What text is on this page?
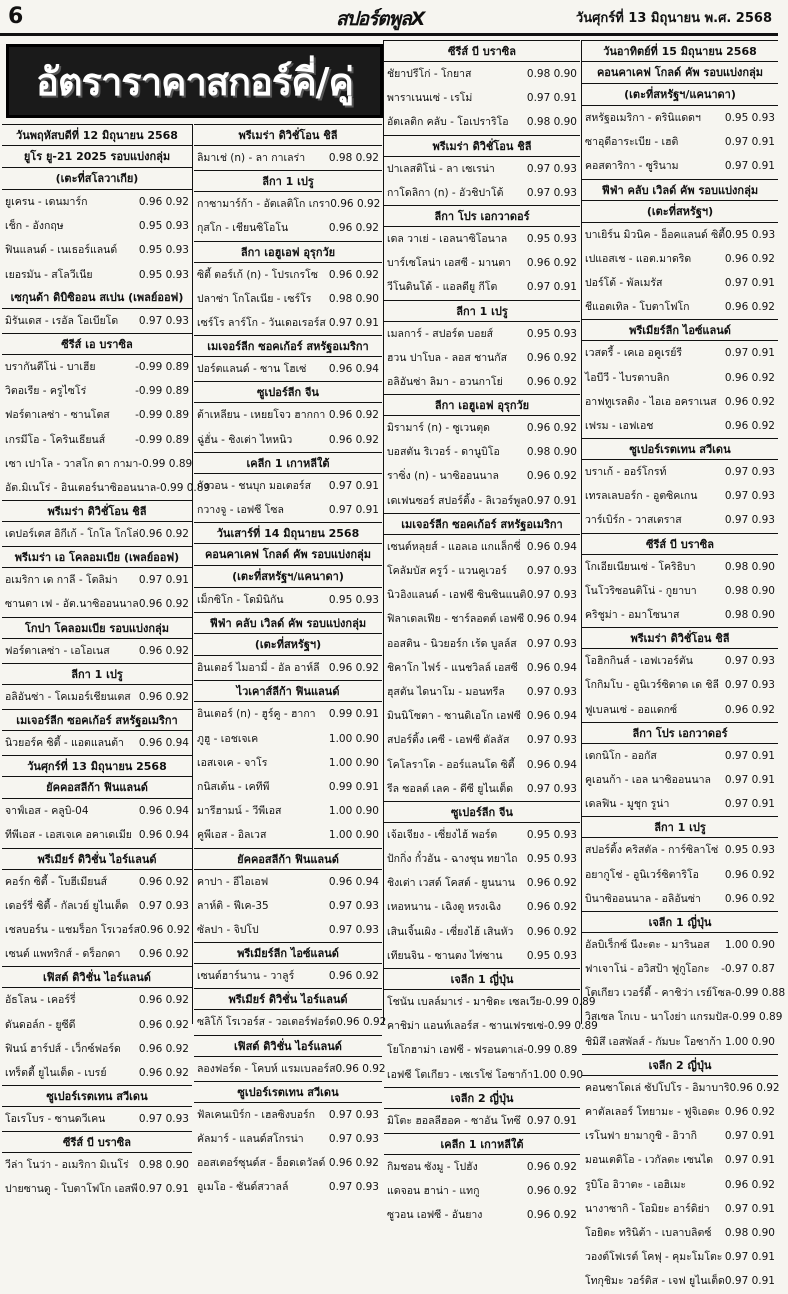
6	สปอร์ตพูลX	วันศุกร์ที่ 13 มิถุนายน พ.ศ. 2568
อัตราราคาสกอร์คี่/คู่
วันพฤหัสบดีที่ 12 มิถุนายน 2568
ยูโร ยู-21 2025 รอบแบ่งกลุ่ม
(เตะที่สโลวาเกีย)
ยูเครน - เดนมาร์ก	0.96 0.92
เช็ก - อังกฤษ	0.95 0.93
ฟินแลนด์ - เนเธอร์แลนด์	0.95 0.93
เยอรมัน - สโลวีเนีย	0.95 0.93
เซกุนด้า ดิบิซิออน สเปน (เพลย์ออฟ)
มิรันเดส - เรอัล โอเบียโด	0.97 0.93
ซีรีส์ เอ บราซิล
บรากันตีโน่ - บาเฮีย	-0.99 0.89
วิตอเรีย - ครูไซโร่	-0.99 0.89
ฟอร์ตาเลซ่า - ซานโตส	-0.99 0.89
เกรมีโอ - โครินเธียนส์	-0.99 0.89
เซา เปาโล - วาสโก ดา กามา -0.99 0.89
อัต.มิเนโร่ - อินเตอร์นาซิออนนาล -0.99 0.89
พรีเมร่า ดิวิชั่โอน ชิลี
เดปอร์เตส อิกีเก้ - โกโล โกโล่ 0.96 0.92
พรีเมร่า เอ โคลอมเบีย (เพลย์ออฟ)
อเมริกา เด กาลี - โตลิม่า	0.97 0.91
ซานตา เฟ - อัต.นาซิออนนาล 0.96 0.92
โกปา โคลอมเบีย รอบแบ่งกลุ่ม
ฟอร์ตาเลซ่า - เอโอเนส	0.96 0.92
ลีกา 1 เปรู
อลิอันซ่า - โคเมอร์เชียนเตส 0.96 0.92
เมเจอร์ลีก ซอคเก้อร์ สหรัฐอเมริกา
นิวยอร์ค ซิตี้ - แอตแลนต้า	0.96 0.94
วันศุกร์ที่ 13 มิถุนายน 2568
ยัคคอสลีก้า ฟินแลนด์
จาฟ์เอส - คลูบิ-04	0.96 0.94
ทีพีเอส - เอสเจเค อคาเดเมีย 0.96 0.94
พรีเมียร์ ดิวิชั่น ไอร์แลนด์
คอร์ก ซิตี้ - โบฮีเมียนส์	0.96 0.92
เดอร์รี่ ซิตี้ - กัลเวย์ ยูไนเต็ด	0.97 0.93
เชลบอร์น - แชมร็อก โรเวอร์ส 0.96 0.92
เซนต์ แพทริกส์ - ดร็อกดา	0.96 0.92
เฟิสต์ ดิวิชั่น ไอร์แลนด์
อัธโลน - เคอร์รี่	0.96 0.92
ดันดอล์ก - ยูซีดี	0.96 0.92
ฟินน์ ฮาร์ปส์ - เว็กซ์ฟอร์ด	0.96 0.92
เทร็ตตี้ ยูไนเต็ด - เบรย์	0.96 0.92
ซูเปอร์เรตเทน สวีเดน
โอเรโบร - ซานดวีเคน	0.97 0.93
ซีรีส์ บี บราซิล
วีล่า โนว่า - อเมริกา มิเนโร่ 0.98 0.90
ปายซานดู - โบตาโฟโก เอสพี 0.97 0.91
พรีเมร่า ดิวิชั่โอน ชิลี
ลิมาเช่ (n) - ลา กาเลร่า	0.98 0.92
ลีกา 1 เปรู
กาซามาร์ก้า - อัตเลติโก เกรา 0.96 0.92
กุสโก - เชียนซิโอโน	0.96 0.92
ลีกา เอฮูเอฟ อุรุกวัย
ซิตี้ ตอร์เก้ (n) - โปรเกรโซ	0.96 0.92
ปลาซ่า โกโลเนีย - เซร์โร	0.98 0.90
เซร์โร ลาร์โก - วันเดอเรอร์ส 0.97 0.91
เมเจอร์ลีก ซอคเก้อร์ สหรัฐอเมริกา
ปอร์ตแลนด์ - ซาน โฮเซ่	0.96 0.94
ซูเปอร์ลีก จีน
ต้าเหลียน - เหยยโจว ฮากกา 0.96 0.92
ฉู่ฮั่น - ชิงเต่า ไหหนิว	0.96 0.92
เคลีก 1 เกาหลีใต้
กังวอน - ชนบุก มอเตอร์ส	0.97 0.91
กวางจู - เอฟซี โซล	0.97 0.91
วันเสาร์ที่ 14 มิถุนายน 2568
คอนคาเคฟ โกลด์ คัพ รอบแบ่งกลุ่ม
(เตะที่สหรัฐฯ/แคนาดา)
เม็กซิโก - โดมินิกัน	0.95 0.93
ฟีฟ่า คลับ เวิลด์ คัพ รอบแบ่งกลุ่ม
(เตะที่สหรัฐฯ)
อินเตอร์ ไมอามี่ - อัล อาห์ลี 0.96 0.92
ไวเคาส์ลีก้า ฟินแลนด์
อินเตอร์ (n) - ฮูร์คู - ฮากา	0.99 0.91
ภูฮู - เอชเจเค	1.00 0.90
เอสเจเค - จาโร	1.00 0.90
กนิสเต้น - เคทีพี	0.99 0.91
มารีฮามน์ - วีพีเอส	1.00 0.90
คูพีเอส - อิลเวส	1.00 0.90
ยัคคอสลีก้า ฟินแลนด์
คาปา - อีไอเอฟ	0.96 0.94
ลาห์ติ - ฟีเค-35	0.97 0.93
ซัลปา - จิปโป	0.97 0.93
พรีเมียร์ลีก ไอซ์แลนด์
เซนต์ฮาร์นาน - วาลูร์	0.96 0.92
พรีเมียร์ ดิวิชั่น ไอร์แลนด์
ซลิโก้ โรเวอร์ส - วอเตอร์ฟอร์ด 0.96 0.92
เฟิสต์ ดิวิชั่น ไอร์แลนด์
ลองฟอร์ด - โคบห์ แรมเบลอร์ส 0.96 0.92
ซูเปอร์เรตเทน สวีเดน
ฟัลเคนเบิร์ก - เฮลซิงบอร์ก	0.97 0.93
คัลมาร์ - แลนด์สโกรน่า	0.97 0.93
ออสเตอร์ซุนด์ส - อ็อดเดวัลด์ 0.96 0.92
อูเมโอ - ซันด์สวาลล์	0.97 0.93
ซีรีส์ บี บราซิล
ชัยาปรีโก่ - โกยาส	0.98 0.90
พาราเนนเซ่ - เรโม่	0.97 0.91
อัตเลติก คลับ - โอเปราริโอ	0.98 0.90
พรีเมร่า ดิวิชั่โอน ชิลี
ปาเลสติโน่ - ลา เซเรน่า	0.97 0.93
กาโดลิกา (n) - อัวชิปาโต้	0.97 0.93
ลีกา โปร เอกวาดอร์
เดล วาเย่ - เอลนาซิโอนาล	0.95 0.93
บาร์เซโลน่า เอสซี - มานตา	0.96 0.92
วีโนดินโด้ - แอลดียู กีโต	0.97 0.91
ลีกา 1 เปรู
เมลการ์ - สปอร์ต บอยส์	0.95 0.93
ฮวน ปาโบล - ลอส ชานกัส	0.96 0.92
อลิอันซ่า ลิมา - อวนกาโย่	0.96 0.92
ลีกา เอฮูเอฟ อุรุกวัย
มิรามาร์ (n) - ซูเวนตุด	0.96 0.92
บอสตัน ริเวอร์ - ดานูบิโอ	0.98 0.90
ราซิ่ง (n) - นาซิออนนาล	0.96 0.92
เดเฟนซอร์ สปอร์ติ้ง - ลิเวอร์พูล 0.97 0.91
เมเจอร์ลีก ซอคเก้อร์ สหรัฐอเมริกา
เซนต์หลุยส์ - แอลเอ แกแล็กซี่ 0.96 0.94
โคลัมบัส ครูว์ - แวนคูเวอร์	0.97 0.93
นิวอิงแลนด์ - เอฟซี ซินซินแนติ 0.97 0.93
ฟิลาเดลเฟีย - ชาร์ลอตต์ เอฟซี 0.96 0.94
ออสติน - นิวยอร์ก เร้ด บูลล์ส 0.97 0.93
ชิคาโก ไฟร์ - แนชวิลล์ เอสซี 0.96 0.94
ฮุสตัน ไดนาโม - มอนทรีล	0.97 0.93
มินนิโซตา - ซานดิเอโก เอฟซี 0.96 0.94
สปอร์ติ้ง เคซี - เอฟซี ดัลลัส	0.97 0.93
โคโลราโด - ออร์แลนโด ซิตี้	0.96 0.94
รีล ซอลต์ เลค - ดีซี ยูไนเต็ด	0.97 0.93
ซูเปอร์ลีก จีน
เจ้อเจียง - เซี่ยงไฮ้ พอร์ต	0.95 0.93
ปักกิ่ง กั๋วอัน - ฉางชุน ทยาไถ 0.95 0.93
ชิงเต่า เวสต์ โคสต์ - ยูนนาน	0.96 0.92
เหอหนาน - เฉิงตู หรงเฉิง	0.96 0.92
เสินเจิ้นเผิง - เซี่ยงไฮ้ เสินหัว	0.96 0.92
เทียนจิน - ซานตง ไท่ซาน	0.95 0.93
เจลีก 1 ญี่ปุ่น
โชนัน เบลล์มาเร่ - มาชิดะ เซลเวีย -0.99 0.89
คาชิม่า แอนท์เลอร์ส - ซานเฟรชเซ่ -0.99 0.89
โยโกฮาม่า เอฟซี - ฟรอนตาเล่ -0.99 0.89
เอฟซี โตเกียว - เซเรโซ่ โอซาก้า 1.00 0.90
เจลีก 2 ญี่ปุ่น
มิโตะ ฮอลลีฮอค - ซาอัน โทซึ 0.97 0.91
เคลีก 1 เกาหลีใต้
กิมชอน ซังมู - โปฮัง	0.96 0.92
แดจอน ฮาน่า - แทกู	0.96 0.92
ซูวอน เอฟซี - อันยาง	0.96 0.92
วันอาทิตย์ที่ 15 มิถุนายน 2568
คอนคาเคฟ โกลด์ คัพ รอบแบ่งกลุ่ม
(เตะที่สหรัฐฯ/แคนาดา)
สหรัฐอเมริกา - ตรินิแดดฯ	0.95 0.93
ซาอุดีอาระเบีย - เฮติ	0.97 0.91
คอสตาริกา - ซูรินาม	0.97 0.91
ฟีฟ่า คลับ เวิลด์ คัพ รอบแบ่งกลุ่ม
(เตะที่สหรัฐฯ)
บาเยิร์น มิวนิค - อ็อคแลนด์ ซิตี้ 0.95 0.93
เปแอสเช - แอต.มาดริด	0.96 0.92
ปอร์โต้ - พัลเมรัส	0.97 0.91
ชีแอตเทิล - โบตาโฟโก	0.96 0.92
พรีเมียร์ลีก ไอซ์แลนด์
เวสตรี้ - เคเอ อคูเรย์รี	0.97 0.91
ไอบีวี - ไบรตาบลิก	0.96 0.92
อาฟทูเรลดิง - ไอเอ อคราเนส 0.96 0.92
เฟรม - เอฟเอช	0.96 0.92
ซูเปอร์เรตเทน สวีเดน
บราเก้ - ออร์โกรท์	0.97 0.93
เทรลเลบอร์ก - อูตซิคเกน	0.97 0.93
วาร์เบิร์ก - วาสเตราส	0.97 0.93
ซีรีส์ บี บราซิล
โกเอียเนียนเซ่ - โคริธิบา	0.98 0.90
โนโวริซอนติโน่ - กูยาบา	0.98 0.90
คริชูม่า - อมาโซนาส	0.98 0.90
พรีเมร่า ดิวิชั่โอน ชิลี
โอฮิกกินส์ - เอฟเวอร์ตัน	0.97 0.93
โกกิมโบ - อูนิเวร์ซิดาด เด ชิลี 0.97 0.93
ฟูเบลนเซ่ - ออแดกซ์	0.96 0.92
ลีกา โปร เอกวาดอร์
เดกนิโก - ออกัส	0.97 0.91
คูเอนก้า - เอล นาซิออนนาล	0.97 0.91
เดลฟิน - มูชุก รูน่า	0.97 0.91
ลีกา 1 เปรู
สปอร์ติ้ง คริสตัล - การ์ซิลาโซ่ 0.95 0.93
อยากูโช่ - อูนิเวร์ซิตาริโอ	0.96 0.92
บินาซิออนนาล - อลิอันซ่า	0.96 0.92
เจลีก 1 ญี่ปุ่น
อัลบิเร็กซ์ นีงะตะ - มารินอส	1.00 0.90
ฟาเจาโน่ - อวิสป้า ฟูกูโอกะ	-0.97 0.87
โตเกียว เวอร์ดี้ - คาชิว่า เรย์โซล -0.99 0.88
วิสเซล โกเบ - นาโงย่า แกรมปัส -0.99 0.89
ชิมิสึ เอสพัลส์ - กัมบะ โอซาก้า 1.00 0.90
เจลีก 2 ญี่ปุ่น
คอนซาโดเล่ ซัปโปโร - อิมาบาริ 0.96 0.92
คาตัลเลอร์ โทยามะ - ฟูจิเอดะ 0.96 0.92
เรโนฟา ยามากูชิ - อิวากิ	0.97 0.91
มอนเตดิโอ - เวกัลตะ เซนได	0.97 0.91
รูบิโอ อิวาตะ - เอฮิเมะ	0.96 0.92
นางาซากิ - โอมิยะ อาร์ดิย่า	0.97 0.91
โอยิตะ ทรินิต้า - เบลาบลิตซ์	0.98 0.90
วองต์โฟเรต์ โคฟุ - คุมะโมโตะ 0.97 0.91
โทกุชิมะ วอร์ติส - เจฟ ยูไนเต็ด 0.97 0.91
